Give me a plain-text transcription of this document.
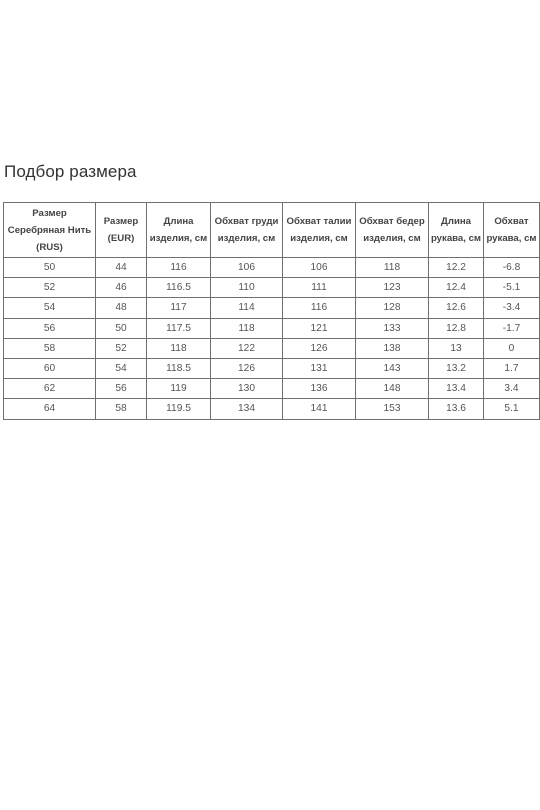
Подбор размера
Размер Серебряная Нить (RUS)	Размер (EUR)	Длина изделия, см	Обхват груди изделия, см	Обхват талии изделия, см	Обхват бедер изделия, см	Длина рукава, см	Обхват рукава, см
50	44	116	106	106	118	12.2	-6.8
52	46	116.5	110	111	123	12.4	-5.1
54	48	117	114	116	128	12.6	-3.4
56	50	117.5	118	121	133	12.8	-1.7
58	52	118	122	126	138	13	0
60	54	118.5	126	131	143	13.2	1.7
62	56	119	130	136	148	13.4	3.4
64	58	119.5	134	141	153	13.6	5.1
